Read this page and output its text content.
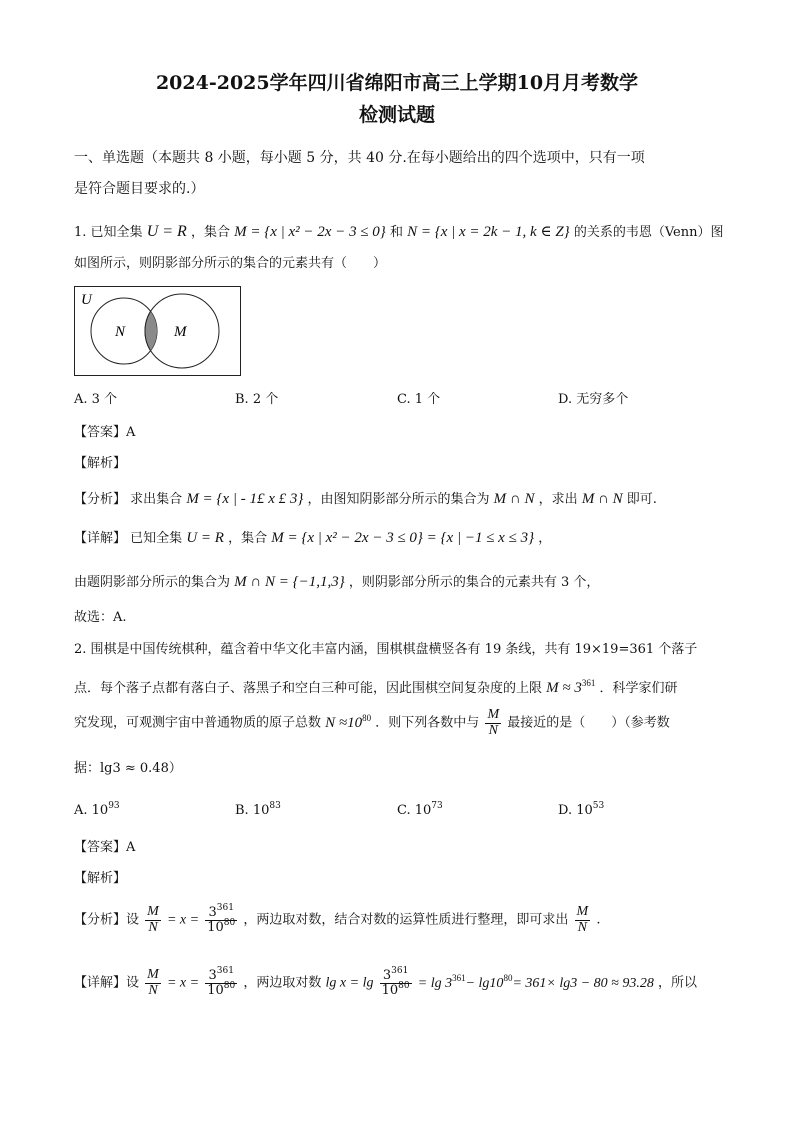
2024-2025学年四川省绵阳市高三上学期10月月考数学
检测试题
一、单选题（本题共 8 小题，每小题 5 分，共 40 分.在每小题给出的四个选项中，只有一项
是符合题目要求的.）
1. 已知全集 U = R ，集合 M = {x | x² − 2x − 3 ≤ 0} 和 N = {x | x = 2k − 1, k ∈ Z} 的关系的韦恩（Venn）图
如图所示，则阴影部分所示的集合的元素共有（　　）
U
N	M
A. 3 个	B. 2 个	C. 1 个	D. 无穷多个
【答案】A
【解析】
【分析】 求出集合 M = {x | - 1£ x £ 3} ，由图知阴影部分所示的集合为 M ∩ N ，求出 M ∩ N 即可.
【详解】 已知全集 U = R ，集合 M = {x | x² − 2x − 3 ≤ 0} = {x | −1 ≤ x ≤ 3} ，
由题阴影部分所示的集合为 M ∩ N = {−1,1,3} ，则阴影部分所示的集合的元素共有 3 个，
故选：A.
2. 围棋是中国传统棋种，蕴含着中华文化丰富内涵，围棋棋盘横竖各有 19 条线，共有 19×19=361 个落子
点．每个落子点都有落白子、落黑子和空白三种可能，因此围棋空间复杂度的上限 $M \approx 3^{361}$ ．科学家们研
究发现，可观测宇宙中普通物质的原子总数 $N \approx 10^{80}$ ．则下列各数中与 $\frac{M}{N}$ 最接近的是（　　）（参考数
据：lg3 ≈ 0.48）
A. $10^{93}$	B. $10^{83}$	C. $10^{73}$	D. $10^{53}$
【答案】A
【解析】
【分析】设 $\frac{M}{N} = x = \frac{3^{361}}{10^{80}}$ ，两边取对数，结合对数的运算性质进行整理，即可求出 $\frac{M}{N}$ .
【详解】设 $\frac{M}{N} = x = \frac{3^{361}}{10^{80}}$ ，两边取对数 $\lg x = \lg \frac{3^{361}}{10^{80}} = \lg 3^{361}- \lg 10^{80}= 361\times \lg 3 - 80 \approx 93.28$ ，所以
